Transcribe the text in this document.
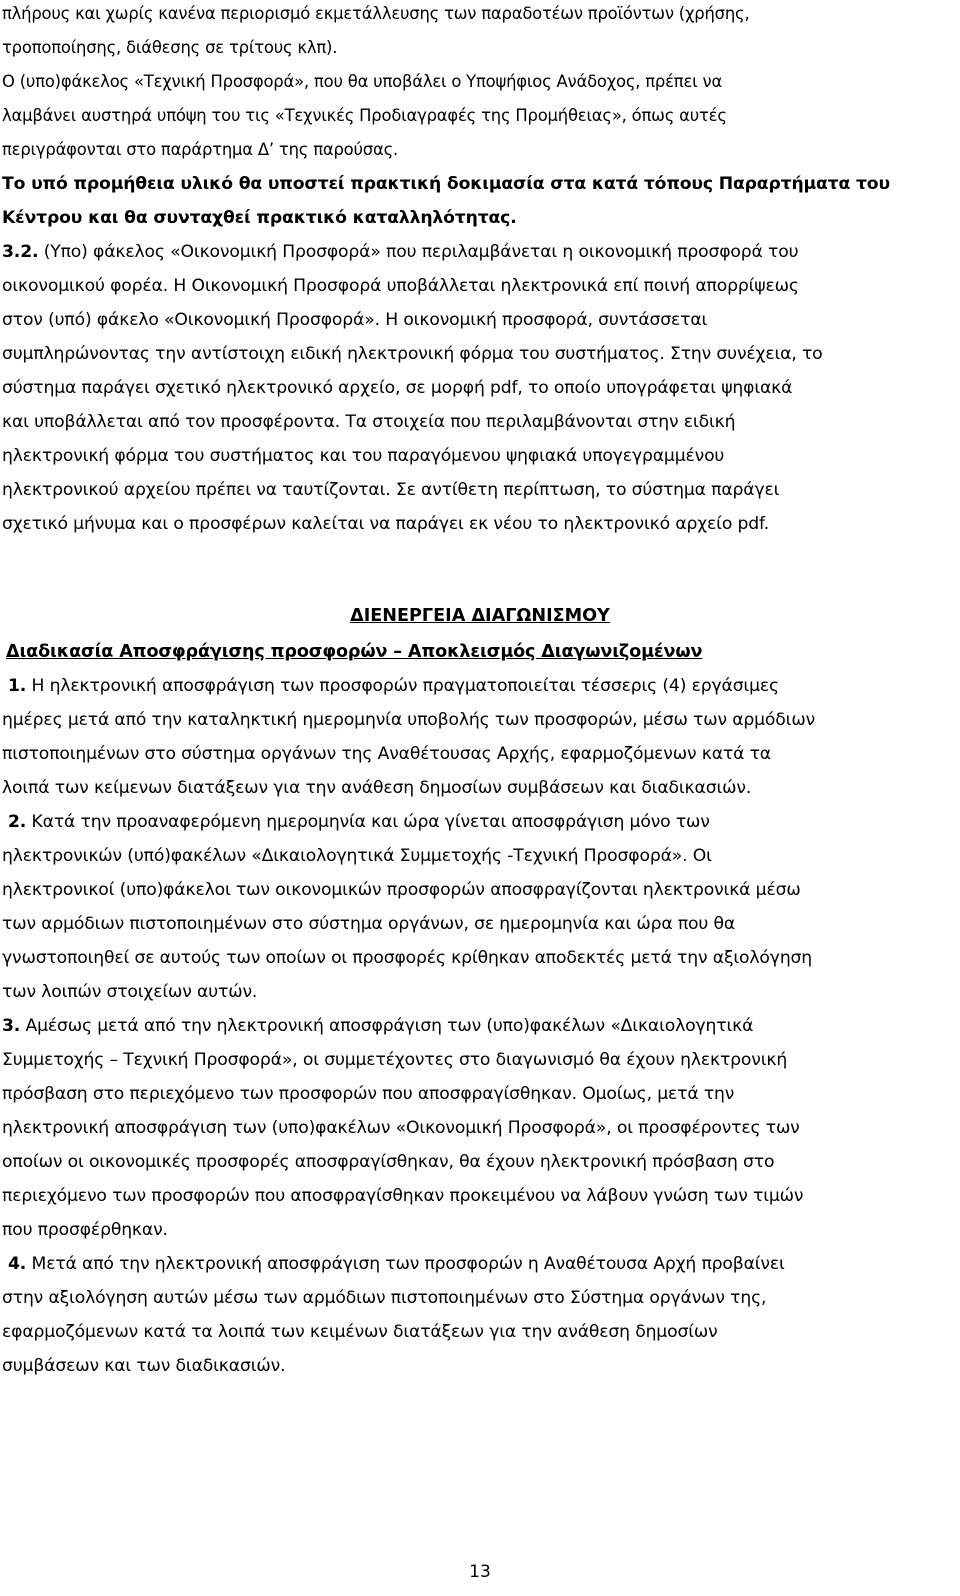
πλήρους και χωρίς κανένα περιορισμό εκμετάλλευσης των παραδοτέων προϊόντων (χρήσης,
τροποποίησης, διάθεσης σε τρίτους κλπ).
Ο (υπο)φάκελος «Τεχνική Προσφορά», που θα υποβάλει ο Υποψήφιος Ανάδοχος, πρέπει να
λαμβάνει αυστηρά υπόψη του τις «Τεχνικές Προδιαγραφές της Προμήθειας», όπως αυτές
περιγράφονται στο παράρτημα Δ’ της παρούσας.
Το υπό προμήθεια υλικό θα υποστεί πρακτική δοκιμασία στα κατά τόπους Παραρτήματα του
Κέντρου και θα συνταχθεί πρακτικό καταλληλότητας.
3.2. (Υπο) φάκελος «Οικονομική Προσφορά» που περιλαμβάνεται η οικονομική προσφορά του
οικονομικού φορέα. Η Οικονομική Προσφορά υποβάλλεται ηλεκτρονικά επί ποινή απορρίψεως
στον (υπό) φάκελο «Οικονομική Προσφορά». Η οικονομική προσφορά, συντάσσεται
συμπληρώνοντας την αντίστοιχη ειδική ηλεκτρονική φόρμα του συστήματος. Στην συνέχεια, το
σύστημα παράγει σχετικό ηλεκτρονικό αρχείο, σε μορφή pdf, το οποίο υπογράφεται ψηφιακά
και υποβάλλεται από τον προσφέροντα. Τα στοιχεία που περιλαμβάνονται στην ειδική
ηλεκτρονική φόρμα του συστήματος και του παραγόμενου ψηφιακά υπογεγραμμένου
ηλεκτρονικού αρχείου πρέπει να ταυτίζονται. Σε αντίθετη περίπτωση, το σύστημα παράγει
σχετικό μήνυμα και ο προσφέρων καλείται να παράγει εκ νέου το ηλεκτρονικό αρχείο pdf.
ΔΙΕΝΕΡΓΕΙΑ ΔΙΑΓΩΝΙΣΜΟΥ
Διαδικασία Αποσφράγισης προσφορών – Αποκλεισμός Διαγωνιζομένων
1. Η ηλεκτρονική αποσφράγιση των προσφορών πραγματοποιείται τέσσερις (4) εργάσιμες
ημέρες μετά από την καταληκτική ημερομηνία υποβολής των προσφορών, μέσω των αρμόδιων
πιστοποιημένων στο σύστημα οργάνων της Αναθέτουσας Αρχής, εφαρμοζόμενων κατά τα
λοιπά των κείμενων διατάξεων για την ανάθεση δημοσίων συμβάσεων και διαδικασιών.
2. Κατά την προαναφερόμενη ημερομηνία και ώρα γίνεται αποσφράγιση μόνο των
ηλεκτρονικών (υπό)φακέλων «Δικαιολογητικά Συμμετοχής -Τεχνική Προσφορά». Οι
ηλεκτρονικοί (υπο)φάκελοι των οικονομικών προσφορών αποσφραγίζονται ηλεκτρονικά μέσω
των αρμόδιων πιστοποιημένων στο σύστημα οργάνων, σε ημερομηνία και ώρα που θα
γνωστοποιηθεί σε αυτούς των οποίων οι προσφορές κρίθηκαν αποδεκτές μετά την αξιολόγηση
των λοιπών στοιχείων αυτών.
3. Αμέσως μετά από την ηλεκτρονική αποσφράγιση των (υπο)φακέλων «Δικαιολογητικά
Συμμετοχής – Τεχνική Προσφορά», οι συμμετέχοντες στο διαγωνισμό θα έχουν ηλεκτρονική
πρόσβαση στο περιεχόμενο των προσφορών που αποσφραγίσθηκαν. Ομοίως, μετά την
ηλεκτρονική αποσφράγιση των (υπο)φακέλων «Οικονομική Προσφορά», οι προσφέροντες των
οποίων οι οικονομικές προσφορές αποσφραγίσθηκαν, θα έχουν ηλεκτρονική πρόσβαση στο
περιεχόμενο των προσφορών που αποσφραγίσθηκαν προκειμένου να λάβουν γνώση των τιμών
που προσφέρθηκαν.
4. Μετά από την ηλεκτρονική αποσφράγιση των προσφορών η Αναθέτουσα Αρχή προβαίνει
στην αξιολόγηση αυτών μέσω των αρμόδιων πιστοποιημένων στο Σύστημα οργάνων της,
εφαρμοζόμενων κατά τα λοιπά των κειμένων διατάξεων για την ανάθεση δημοσίων
συμβάσεων και των διαδικασιών.
13
